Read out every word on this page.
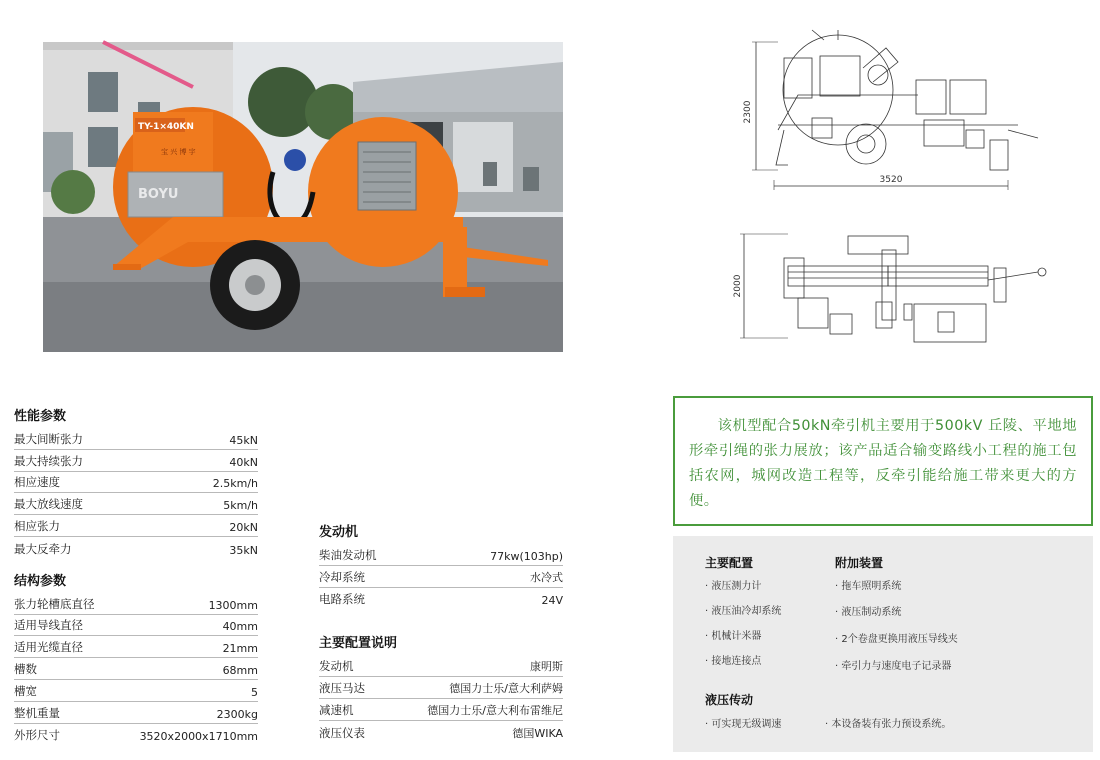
TY-1×40KN
宝 兴 博 宇
BOYU
2300
3520
2000
性能参数
最大间断张力	45kN
最大持续张力	40kN
相应速度	2.5km/h
最大放线速度	5km/h
相应张力	20kN
最大反牵力	35kN
结构参数
张力轮槽底直径	1300mm
适用导线直径	40mm
适用光缆直径	21mm
槽数	68mm
槽宽	5
整机重量	2300kg
外形尺寸	3520x2000x1710mm
发动机
柴油发动机	77kw(103hp)
冷却系统	水冷式
电路系统	24V
主要配置说明
发动机	康明斯
液压马达	德国力士乐/意大利萨姆
减速机	德国力士乐/意大利布雷维尼
液压仪表	德国WIKA

该机型配合50kN牵引机主要用于500kV 丘陵、平地地形牵引绳的张力展放；该产品适合输变路线小工程的施工包括农网，城网改造工程等，反牵引能给施工带来更大的方便。

主要配置
· 液压测力计
· 液压油冷却系统
· 机械计米器
· 接地连接点
附加装置
· 拖车照明系统
· 液压制动系统
· 2个卷盘更换用液压导线夹
· 牵引力与速度电子记录器
液压传动
· 可实现无级调速	· 本设备装有张力预设系统。
